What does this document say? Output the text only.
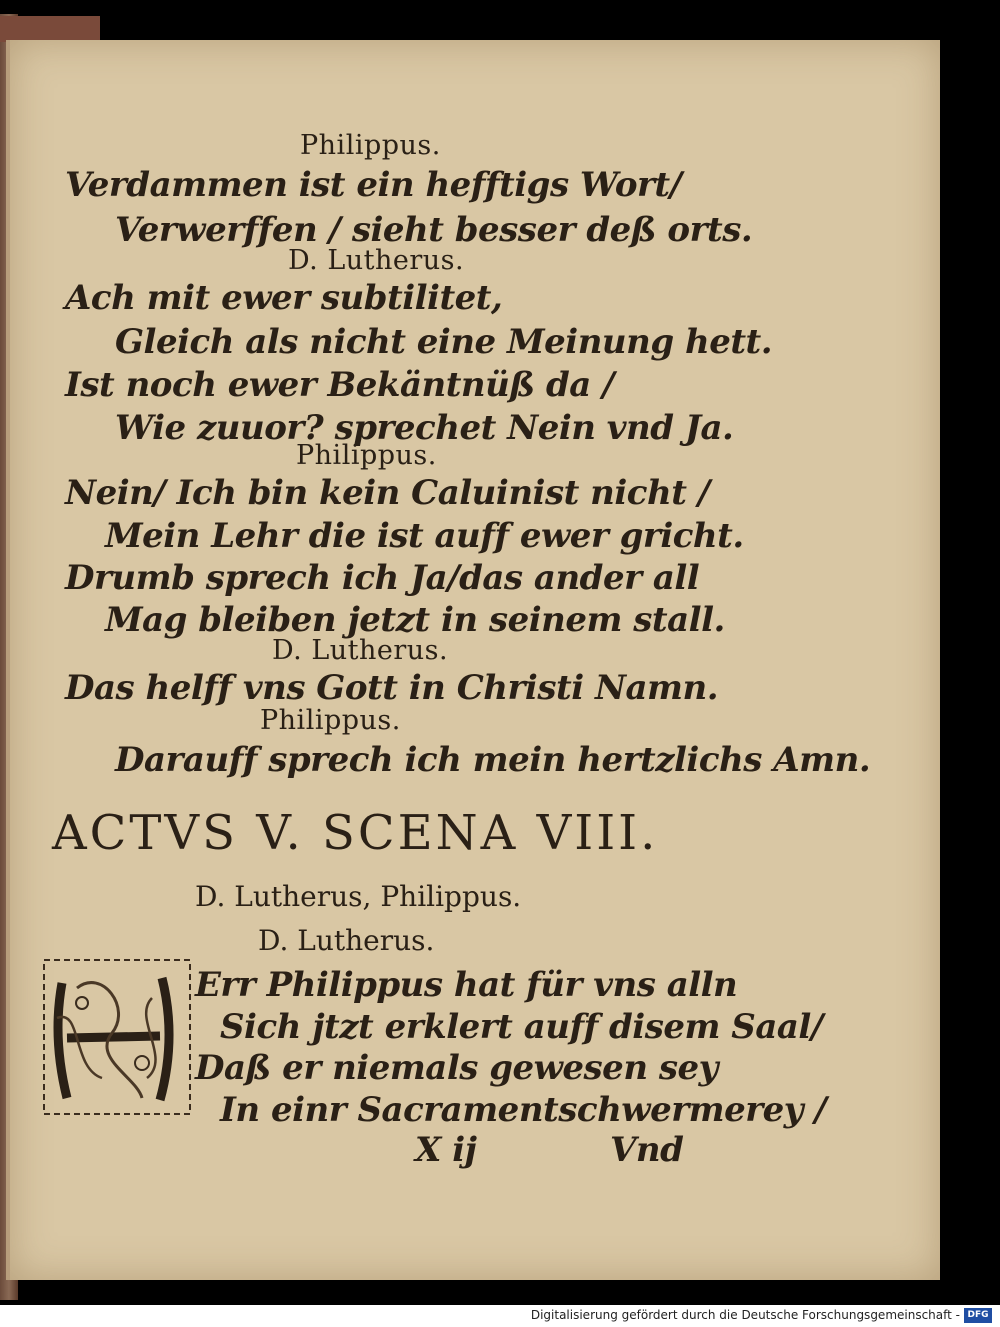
Philippus.
Verdammen ist ein hefftigs Wort/
Verwerffen / sieht besser deß orts.
D. Lutherus.
Ach mit ewer subtilitet,
Gleich als nicht eine Meinung hett.
Ist noch ewer Bekäntnüß da /
Wie zuuor? sprechet Nein vnd Ja.
Philippus.
Nein/ Ich bin kein Caluinist nicht /
Mein Lehr die ist auff ewer gricht.
Drumb sprech ich Ja/das ander all
Mag bleiben jetzt in seinem stall.
D. Lutherus.
Das helff vns Gott in Christi Namn.
Philippus.
Darauff sprech ich mein hertzlichs Amn.
ACTVS V. SCENA VIII.
D. Lutherus, Philippus.
D. Lutherus.
H
Err Philippus hat für vns alln
Sich jtzt erklert auff disem Saal/
Daß er niemals gewesen sey
In einr Sacramentschwermerey /
X ij	Vnd
Digitalisierung gefördert durch die Deutsche Forschungsgemeinschaft - DFG
